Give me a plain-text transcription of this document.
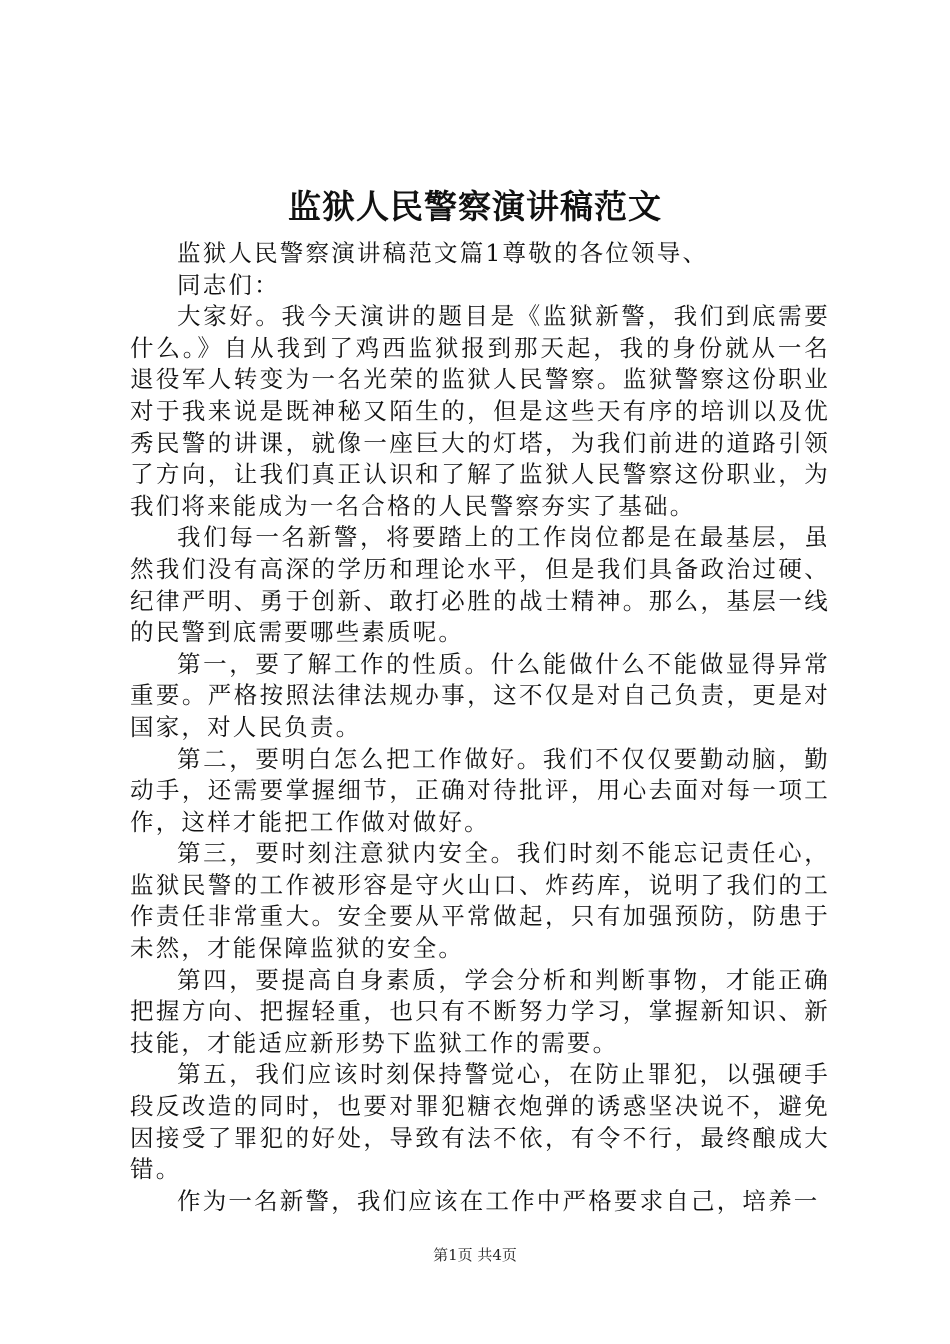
监狱人民警察演讲稿范文

监狱人民警察演讲稿范文篇1尊敬的各位领导、

同志们：

大家好。我今天演讲的题目是《监狱新警，我们到底需要什么。》自从我到了鸡西监狱报到那天起，我的身份就从一名退役军人转变为一名光荣的监狱人民警察。监狱警察这份职业对于我来说是既神秘又陌生的，但是这些天有序的培训以及优秀民警的讲课，就像一座巨大的灯塔，为我们前进的道路引领了方向，让我们真正认识和了解了监狱人民警察这份职业，为我们将来能成为一名合格的人民警察夯实了基础。

我们每一名新警，将要踏上的工作岗位都是在最基层，虽然我们没有高深的学历和理论水平，但是我们具备政治过硬、纪律严明、勇于创新、敢打必胜的战士精神。那么，基层一线的民警到底需要哪些素质呢。

第一，要了解工作的性质。什么能做什么不能做显得异常重要。严格按照法律法规办事，这不仅是对自己负责，更是对国家，对人民负责。

第二，要明白怎么把工作做好。我们不仅仅要勤动脑，勤动手，还需要掌握细节，正确对待批评，用心去面对每一项工作，这样才能把工作做对做好。

第三，要时刻注意狱内安全。我们时刻不能忘记责任心，监狱民警的工作被形容是守火山口、炸药库，说明了我们的工作责任非常重大。安全要从平常做起，只有加强预防，防患于未然，才能保障监狱的安全。

第四，要提高自身素质，学会分析和判断事物，才能正确把握方向、把握轻重，也只有不断努力学习，掌握新知识、新技能，才能适应新形势下监狱工作的需要。

第五，我们应该时刻保持警觉心，在防止罪犯，以强硬手段反改造的同时，也要对罪犯糖衣炮弹的诱惑坚决说不，避免因接受了罪犯的好处，导致有法不依，有令不行，最终酿成大错。

作为一名新警，我们应该在工作中严格要求自己，培养一

第1页 共4页
